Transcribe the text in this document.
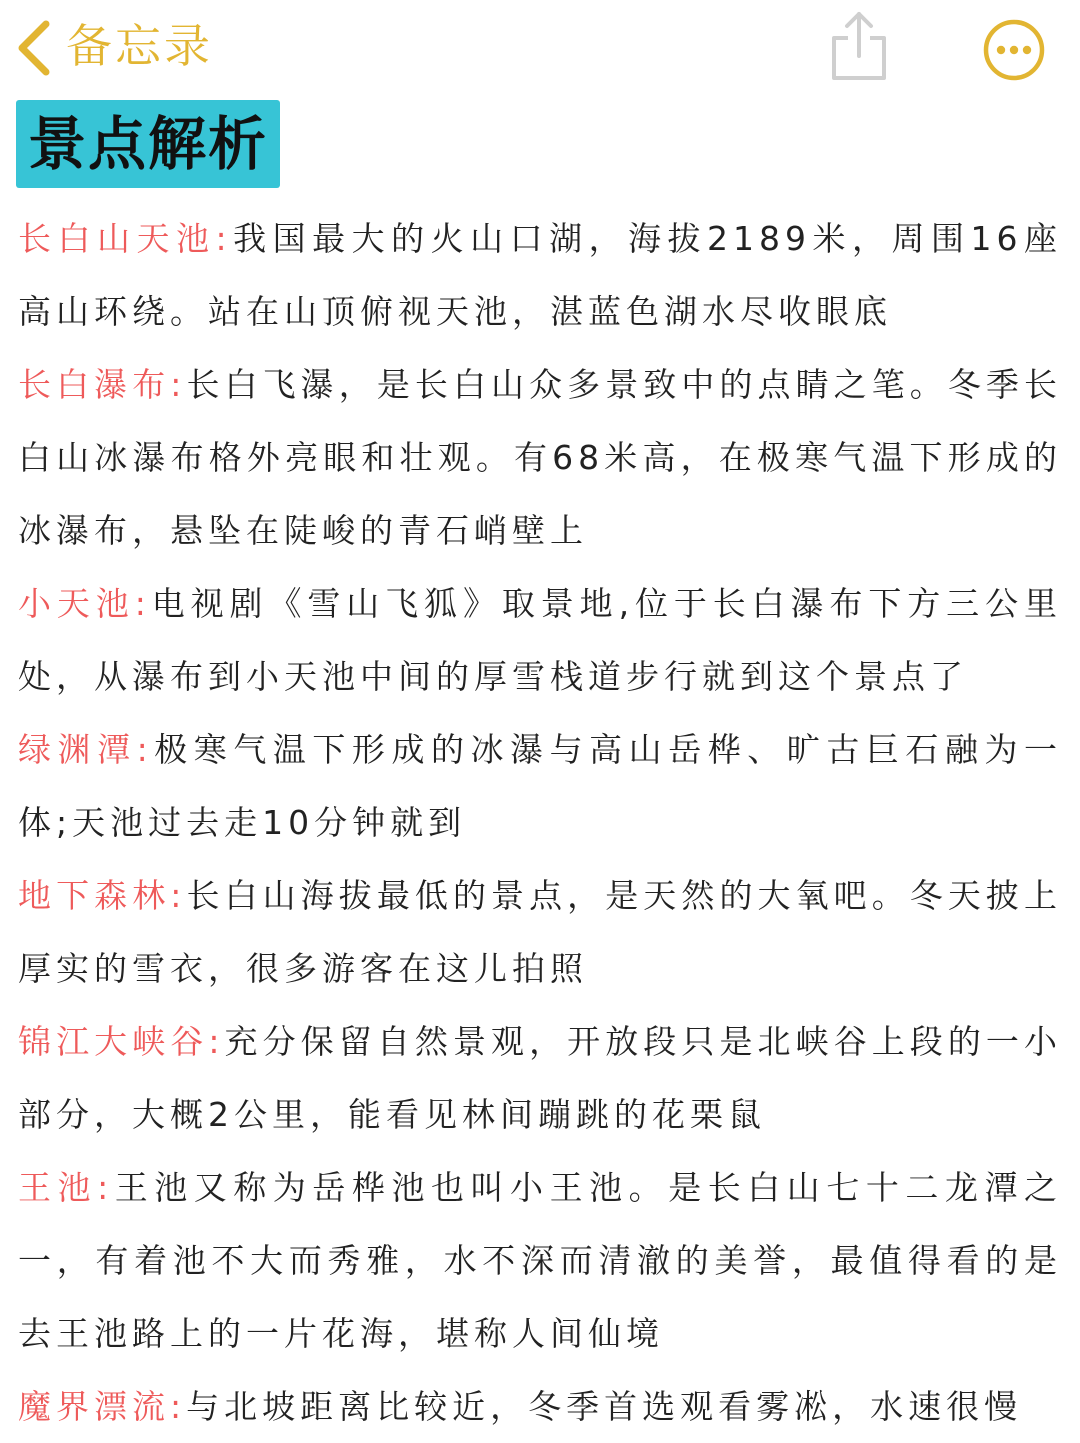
备忘录
景点解析

长白山天池:我国最大的火山口湖，海拔2189米，周围16座高山环绕。站在山顶俯视天池，湛蓝色湖水尽收眼底

长白瀑布:长白飞瀑，是长白山众多景致中的点睛之笔。冬季长白山冰瀑布格外亮眼和壮观。有68米高，在极寒气温下形成的冰瀑布，悬坠在陡峻的青石峭壁上

小天池:电视剧《雪山飞狐》取景地,位于长白瀑布下方三公里处，从瀑布到小天池中间的厚雪栈道步行就到这个景点了

绿渊潭:极寒气温下形成的冰瀑与高山岳桦、旷古巨石融为一体;天池过去走10分钟就到

地下森林:长白山海拔最低的景点，是天然的大氧吧。冬天披上厚实的雪衣，很多游客在这儿拍照

锦江大峡谷:充分保留自然景观，开放段只是北峡谷上段的一小部分，大概2公里，能看见林间蹦跳的花栗鼠

王池:王池又称为岳桦池也叫小王池。是长白山七十二龙潭之一，有着池不大而秀雅，水不深而清澈的美誉，最值得看的是去王池路上的一片花海，堪称人间仙境

魔界漂流:与北坡距离比较近，冬季首选观看雾凇，水速很慢
